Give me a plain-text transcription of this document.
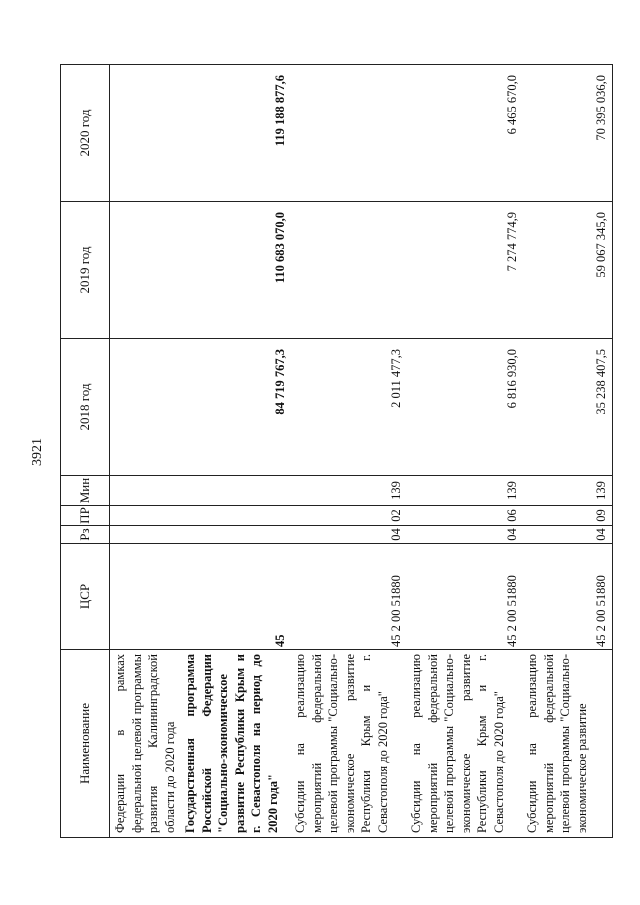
3921
Наименование	ЦСР	Рз	ПР	Мин	2018 год	2019 год	2020 год
Федерации в рамках федеральной целевой программы развития Калининградской области до 2020 года							
Государственная программа Российской Федерации "Социально-экономическое развитие Республики Крым и г. Севастополя на период до 2020 года"	45				84 719 767,3	110 683 070,0	119 188 877,6
Субсидии на реализацию мероприятий федеральной целевой программы "Социально-экономическое развитие Республики Крым и г. Севастополя до 2020 года"	45 2 00 51880	04	02	139	2 011 477,3		
Субсидии на реализацию мероприятий федеральной целевой программы "Социально-экономическое развитие Республики Крым и г. Севастополя до 2020 года"	45 2 00 51880	04	06	139	6 816 930,0	7 274 774,9	6 465 670,0
Субсидии на реализацию мероприятий федеральной целевой программы "Социально-экономическое развитие	45 2 00 51880	04	09	139	35 238 407,5	59 067 345,0	70 395 036,0
